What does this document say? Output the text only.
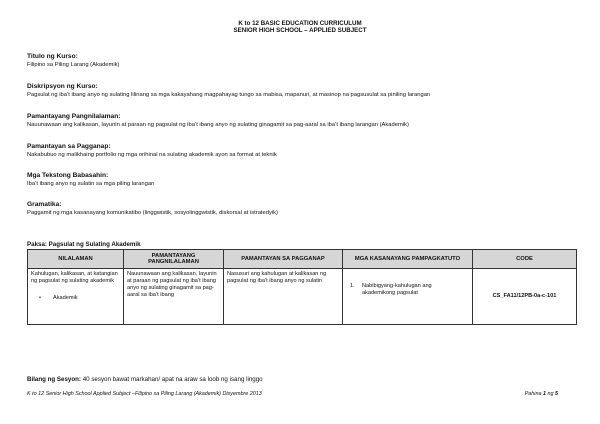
K to 12 BASIC EDUCATION CURRICULUM
SENIOR HIGH SCHOOL – APPLIED SUBJECT
Titulo ng Kurso:
Filipino sa Piling Larang (Akademik)
Diskripsyon ng Kurso:
Pagsulat ng iba’t ibang anyo ng sulating lilinang sa mga kakayahang magpahayag tungo sa mabisa, mapanuri, at masinop na pagsusulat sa piniling larangan
Pamantayang Pangnilalaman:
Nauunawaan ang kalikasan, layunin at paraan ng pagsulat ng iba’t ibang anyo ng sulating ginagamit sa pag-aaral sa iba’t ibang larangan (Akademik)
Pamantayan sa Pagganap:
Nakabubuo ng malikhaing portfolio ng mga orihinal na sulating akademik ayon sa format at teknik
Mga Tekstong Babasahin:
Iba’t ibang anyo ng sulatin sa mga piling larangan
Gramatika:
Paggamit ng mga kasanayang komunikatibo (linggwistik, sosyolinggwistik, diskorsal at istratedyik)
Paksa: Pagsulat ng Sulating Akademik
NILALAMAN	PAMANTAYANG PANGNILALAMAN	PAMANTAYAN SA PAGGANAP	MGA KASANAYANG PAMPAGKATUTO	CODE

Kahulugan, kalikasan, at katangian ng pagsulat ng sulating akademik
• Akademik	Nauunawaan ang kalikasan, layunin at paraan ng pagsulat ng iba’t ibang anyo ng sulating ginagamit sa pag-aaral sa iba’t ibang	Nasusuri ang kahulugan at kalikasan ng pagsulat ng iba’t ibang anyo ng sulatin	1. Nabibigyang-kahulugan ang akademikong pagsulat	CS_FA11/12PB-0a-c-101
Bilang ng Sesyon: 40 sesyon bawat markahan/ apat na araw sa loob ng isang linggo
K to 12 Senior High School Applied Subject –Filipino sa Piling Larang (Akademik) Disyembre 2013	Pahina 1 ng 5
